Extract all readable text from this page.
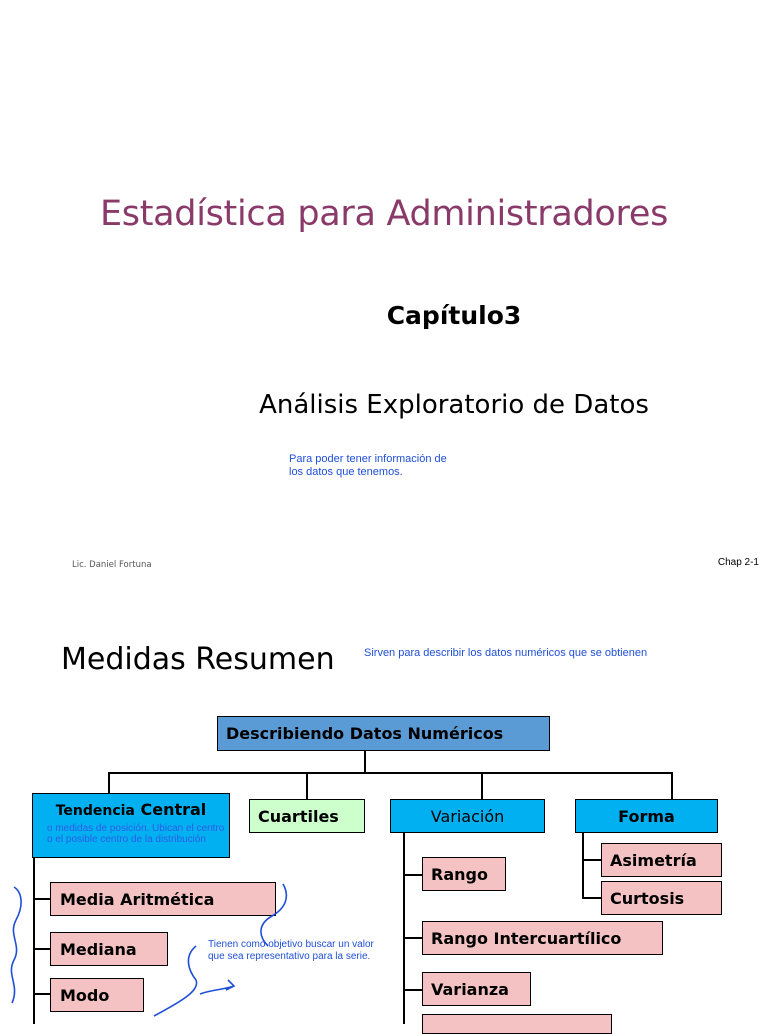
Estadística para Administradores
Capítulo3
Análisis Exploratorio de Datos
Para poder tener información de los datos que tenemos.
Lic. Daniel Fortuna	Chap 2-1
Medidas Resumen	Sirven para describir los datos numéricos que se obtienen
Describiendo Datos Numéricos
Tendencia Central
o medidas de posición. Ubican el centro o el posible centro de la distribución
Cuartiles	Variación	Forma
Media Aritmética
Mediana
Modo
Rango
Rango Intercuartílico
Varianza
Asimetría
Curtosis
Tienen como objetivo buscar un valor que sea representativo para la serie.
